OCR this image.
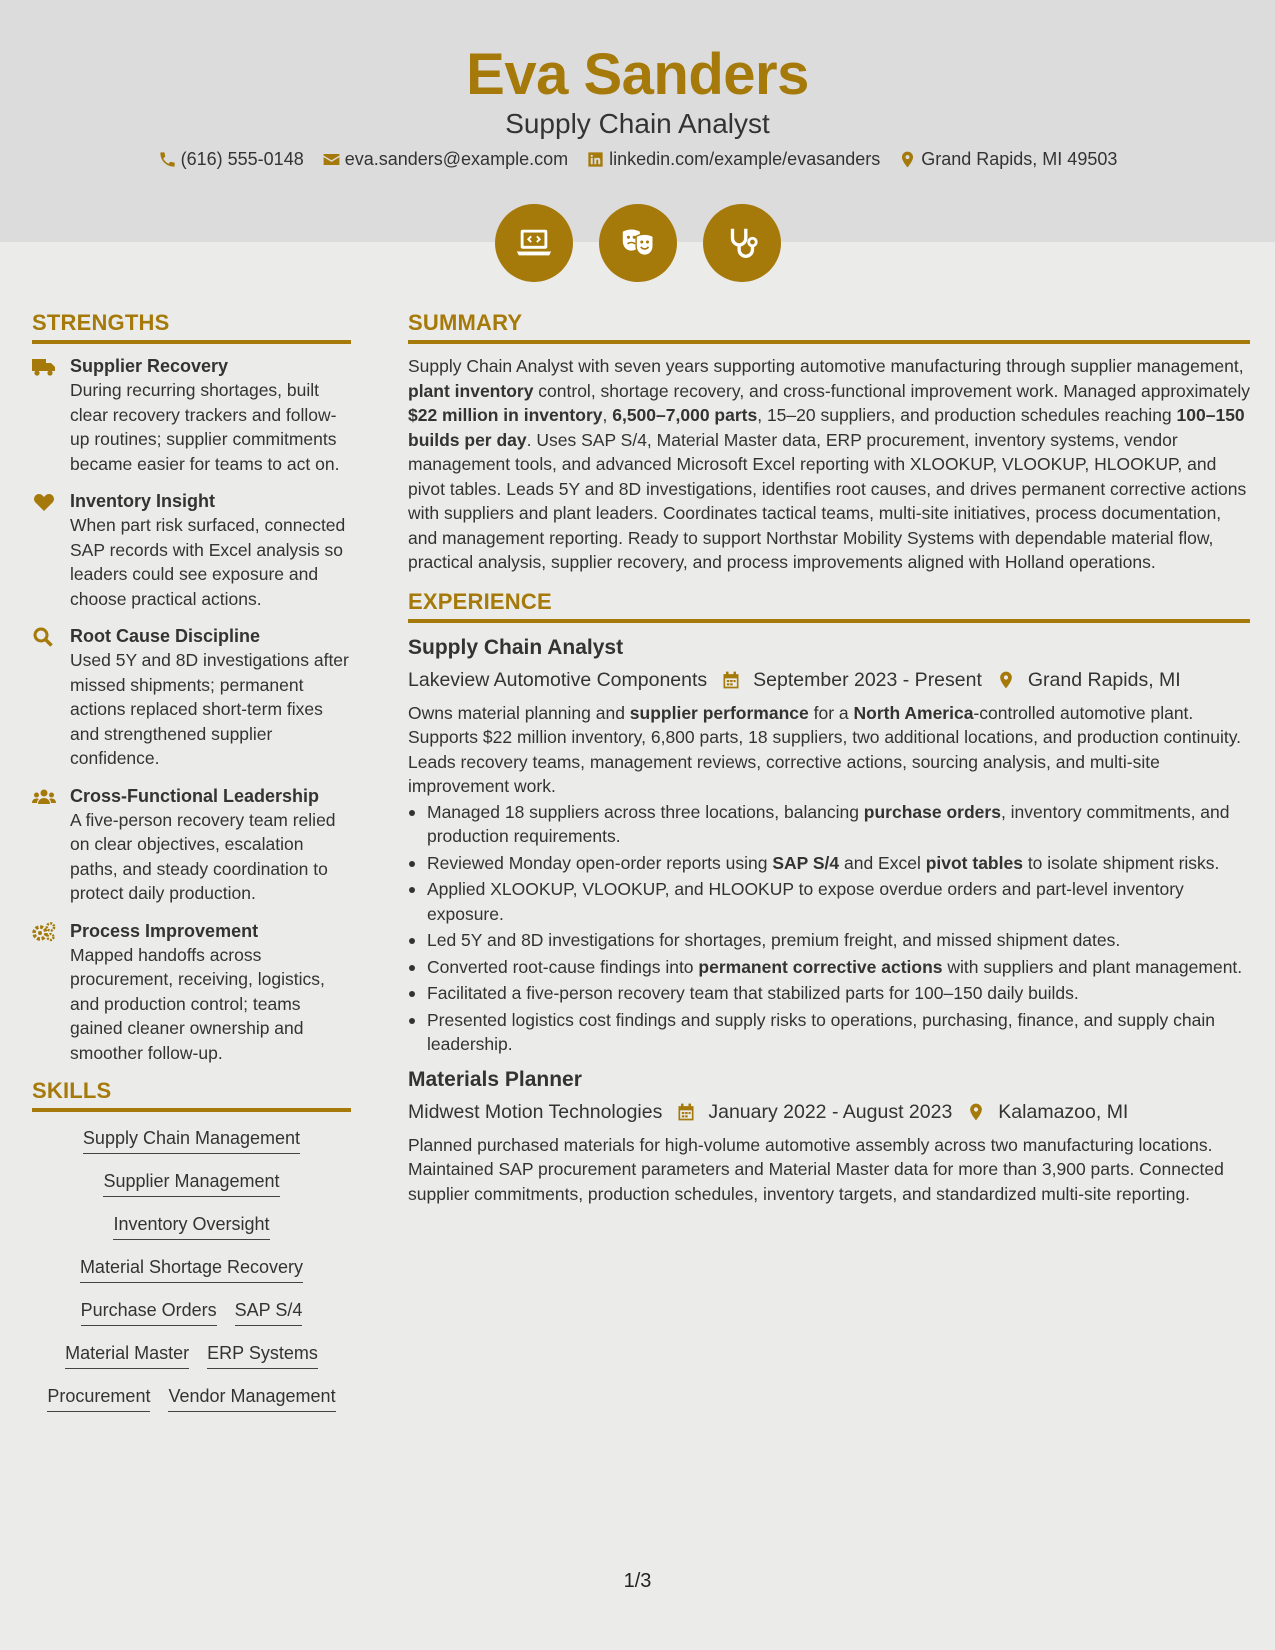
Eva Sanders
Supply Chain Analyst
(616) 555-0148 eva.sanders@example.com linkedin.com/example/evasanders Grand Rapids, MI 49503
STRENGTHS
Supplier Recovery
During recurring shortages, built clear recovery trackers and follow-up routines; supplier commitments became easier for teams to act on.
Inventory Insight
When part risk surfaced, connected SAP records with Excel analysis so leaders could see exposure and choose practical actions.
Root Cause Discipline
Used 5Y and 8D investigations after missed shipments; permanent actions replaced short-term fixes and strengthened supplier confidence.
Cross-Functional Leadership
A five-person recovery team relied on clear objectives, escalation paths, and steady coordination to protect daily production.
Process Improvement
Mapped handoffs across procurement, receiving, logistics, and production control; teams gained cleaner ownership and smoother follow-up.
SKILLS
Supply Chain Management
Supplier Management
Inventory Oversight
Material Shortage Recovery
Purchase Orders SAP S/4
Material Master ERP Systems
Procurement Vendor Management
SUMMARY
Supply Chain Analyst with seven years supporting automotive manufacturing through supplier management, plant inventory control, shortage recovery, and cross-functional improvement work. Managed approximately $22 million in inventory, 6,500–7,000 parts, 15–20 suppliers, and production schedules reaching 100–150 builds per day. Uses SAP S/4, Material Master data, ERP procurement, inventory systems, vendor management tools, and advanced Microsoft Excel reporting with XLOOKUP, VLOOKUP, HLOOKUP, and pivot tables. Leads 5Y and 8D investigations, identifies root causes, and drives permanent corrective actions with suppliers and plant leaders. Coordinates tactical teams, multi-site initiatives, process documentation, and management reporting. Ready to support Northstar Mobility Systems with dependable material flow, practical analysis, supplier recovery, and process improvements aligned with Holland operations.
EXPERIENCE
Supply Chain Analyst
Lakeview Automotive Components September 2023 - Present Grand Rapids, MI
Owns material planning and supplier performance for a North America-controlled automotive plant. Supports $22 million inventory, 6,800 parts, 18 suppliers, two additional locations, and production continuity. Leads recovery teams, management reviews, corrective actions, sourcing analysis, and multi-site improvement work.
Managed 18 suppliers across three locations, balancing purchase orders, inventory commitments, and production requirements.
Reviewed Monday open-order reports using SAP S/4 and Excel pivot tables to isolate shipment risks.
Applied XLOOKUP, VLOOKUP, and HLOOKUP to expose overdue orders and part-level inventory exposure.
Led 5Y and 8D investigations for shortages, premium freight, and missed shipment dates.
Converted root-cause findings into permanent corrective actions with suppliers and plant management.
Facilitated a five-person recovery team that stabilized parts for 100–150 daily builds.
Presented logistics cost findings and supply risks to operations, purchasing, finance, and supply chain leadership.
Materials Planner
Midwest Motion Technologies January 2022 - August 2023 Kalamazoo, MI
Planned purchased materials for high-volume automotive assembly across two manufacturing locations. Maintained SAP procurement parameters and Material Master data for more than 3,900 parts. Connected supplier commitments, production schedules, inventory targets, and standardized multi-site reporting.
1/3
